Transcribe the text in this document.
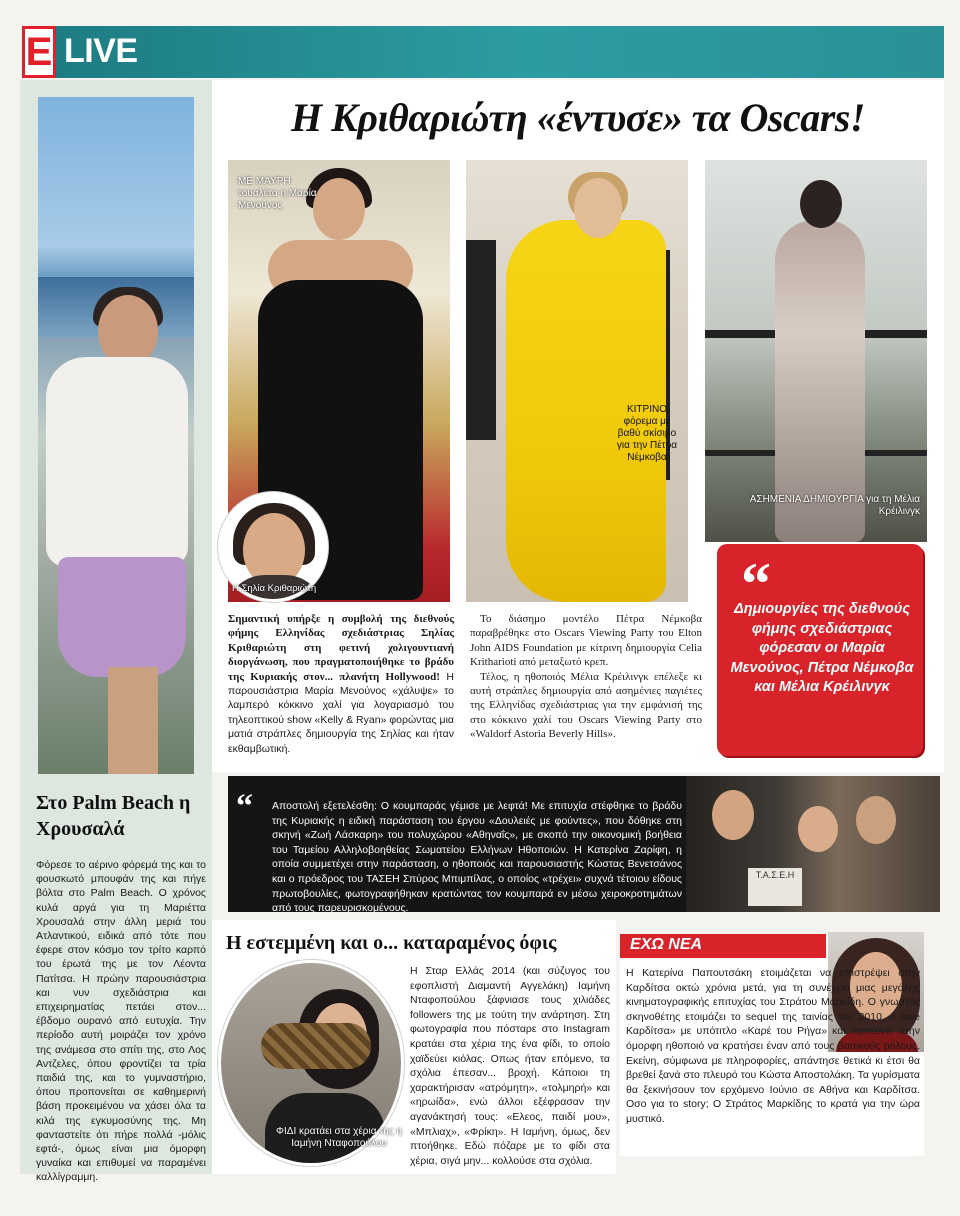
E LIVE
Στο Palm Beach η Χρουσαλά
Φόρεσε το αέρινο φόρεμά της και το φουσκωτό μπουφάν της και πήγε βόλτα στο Palm Beach. Ο χρόνος κυλά αργά για τη Μαριέττα Χρουσαλά στην άλλη μεριά του Ατλαντικού, ειδικά από τότε που έφερε στον κόσμο τον τρίτο καρπό του έρωτά της με τον Λέοντα Πατίτσα. Η πρώην παρουσιάστρια και νυν σχεδιάστρια και επιχειρηματίας πετάει στον... έβδομο ουρανό από ευτυχία. Την περίοδο αυτή μοιράζει τον χρόνο της ανάμεσα στο σπίτι της, στο Λος Αντζελες, όπου φροντίζει τα τρία παιδιά της, και το γυμναστήριο, όπου προπονείται σε καθημερινή βάση προκειμένου να χάσει όλα τα κιλά της εγκυμοσύνης της. Μη φανταστείτε ότι πήρε πολλά -μόλις εφτά-, όμως είναι μια όμορφη γυναίκα και επιθυμεί να παραμένει καλλίγραμμη.
Η Κριθαριώτη «έντυσε» τα Oscars!
ΜΕ ΜΑΥΡΗ τουαλέτα η Μαρία Μενούνος
ΚΙΤΡΙΝΟ φόρεμα με βαθύ σκίσιμο για την Πέτρα Νέμκοβα
ΑΣΗΜΕΝΙΑ ΔΗΜΙΟΥΡΓΙΑ για τη Μέλια Κρέιλινγκ
Η Σηλία Κριθαριώτη
Σημαντική υπήρξε η συμβολή της διεθνούς φήμης Ελληνίδας σχεδιάστριας Σηλίας Κριθαριώτη στη φετινή χολιγουντιανή διοργάνωση, που πραγματοποιήθηκε το βράδυ της Κυριακής στον... πλανήτη Hollywood! Η παρουσιάστρια Μαρία Μενούνος «χάλυψε» το λαμπερό κόκκινο χαλί για λογαριασμό του τηλεοπτικού show «Kelly & Ryan» φορώντας μια ματιά στράπλες δημιουργία της Σηλίας και ήταν εκθαμβωτική.

Το διάσημο μοντέλο Πέτρα Νέμκοβα παραβρέθηκε στο Oscars Viewing Party του Elton John AIDS Foundation με κίτρινη δημιουργία Celia Kritharioti από μεταξωτό κρεπ.

Τέλος, η ηθοποιός Μέλια Κρέιλινγκ επέλεξε κι αυτή στράπλες δημιουργία από ασημένιες παγιέτες της Ελληνίδας σχεδιάστριας για την εμφάνισή της στο κόκκινο χαλί του Oscars Viewing Party στο «Waldorf Astoria Beverly Hills».

“
Δημιουργίες της διεθνούς φήμης σχεδιάστριας φόρεσαν οι Μαρία Μενούνος, Πέτρα Νέμκοβα και Μέλια Κρέιλινγκ
Τ.Α.Σ.Ε.Η
“ Αποστολή εξετελέσθη: Ο κουμπαράς γέμισε με λεφτά! Με επιτυχία στέφθηκε το βράδυ της Κυριακής η ειδική παράσταση του έργου «Δουλειές με φούντες», που δόθηκε στη σκηνή «Ζωή Λάσκαρη» του πολυχώρου «Αθηναΐς», με σκοπό την οικονομική βοήθεια του Ταμείου Αλληλοβοηθείας Σωματείου Ελλήνων Ηθοποιών. Η Κατερίνα Ζαρίφη, η οποία συμμετέχει στην παράσταση, ο ηθοποιός και παρουσιαστής Κώστας Βενετσάνος και ο πρόεδρος του ΤΑΣΕΗ Σπύρος Μπιμπίλας, ο οποίος «τρέχει» συχνά τέτοιου είδους πρωτοβουλίες, φωτογραφήθηκαν κρατώντας τον κουμπαρά εν μέσω χειροκροτημάτων από τους παρευρισκομένους.
Η εστεμμένη και ο... καταραμένος όφις
ΦΙΔΙ κρατάει στα χέρια της η Ιαμήνη Νταφοπούλου
Η Σταρ Ελλάς 2014 (και σύζυγος του εφοπλιστή Διαμαντή Αγγελάκη) Ιαμήνη Νταφοπούλου ξάφνιασε τους χιλιάδες followers της με τούτη την ανάρτηση. Στη φωτογραφία που πόσταρε στο Instagram κρατάει στα χέρια της ένα φίδι, το οποίο χαϊδεύει κιόλας. Οπως ήταν επόμενο, τα σχόλια έπεσαν... βροχή. Κάποιοι τη χαρακτήρισαν «ατρόμητη», «τολμηρή» και «ηρωίδα», ενώ άλλοι εξέφρασαν την αγανάκτησή τους: «Ελεος, παιδί μου», «Μπλιαχ», «Φρίκη». Η Ιαμήνη, όμως, δεν πτοήθηκε. Εδώ πόζαρε με το φίδι στα χέρια, σιγά μην... κολλούσε στα σχόλια.
ΕΧΩ ΝΕΑ
Η Κατερίνα Παπουτσάκη ετοιμάζεται να επιστρέψει στην Καρδίτσα οκτώ χρόνια μετά, για τη συνέχεια μιας μεγάλης κινηματογραφικής επιτυχίας του Στράτου Μαρκίδη. Ο γνωστός σκηνοθέτης ετοιμάζει το sequel της ταινίας του 2010 «I love Καρδίτσα» με υπότιτλο «Καρέ του Ρήγα» και προτείνει στην όμορφη ηθοποιό να κρατήσει έναν από τους βασικούς ρόλους. Εκείνη, σύμφωνα με πληροφορίες, απάντησε θετικά κι έτσι θα βρεθεί ξανά στο πλευρό του Κώστα Αποστολάκη. Τα γυρίσματα θα ξεκινήσουν τον ερχόμενο Ιούνιο σε Αθήνα και Καρδίτσα. Οσο για το story; Ο Στράτος Μαρκίδης το κρατά για την ώρα μυστικό.
